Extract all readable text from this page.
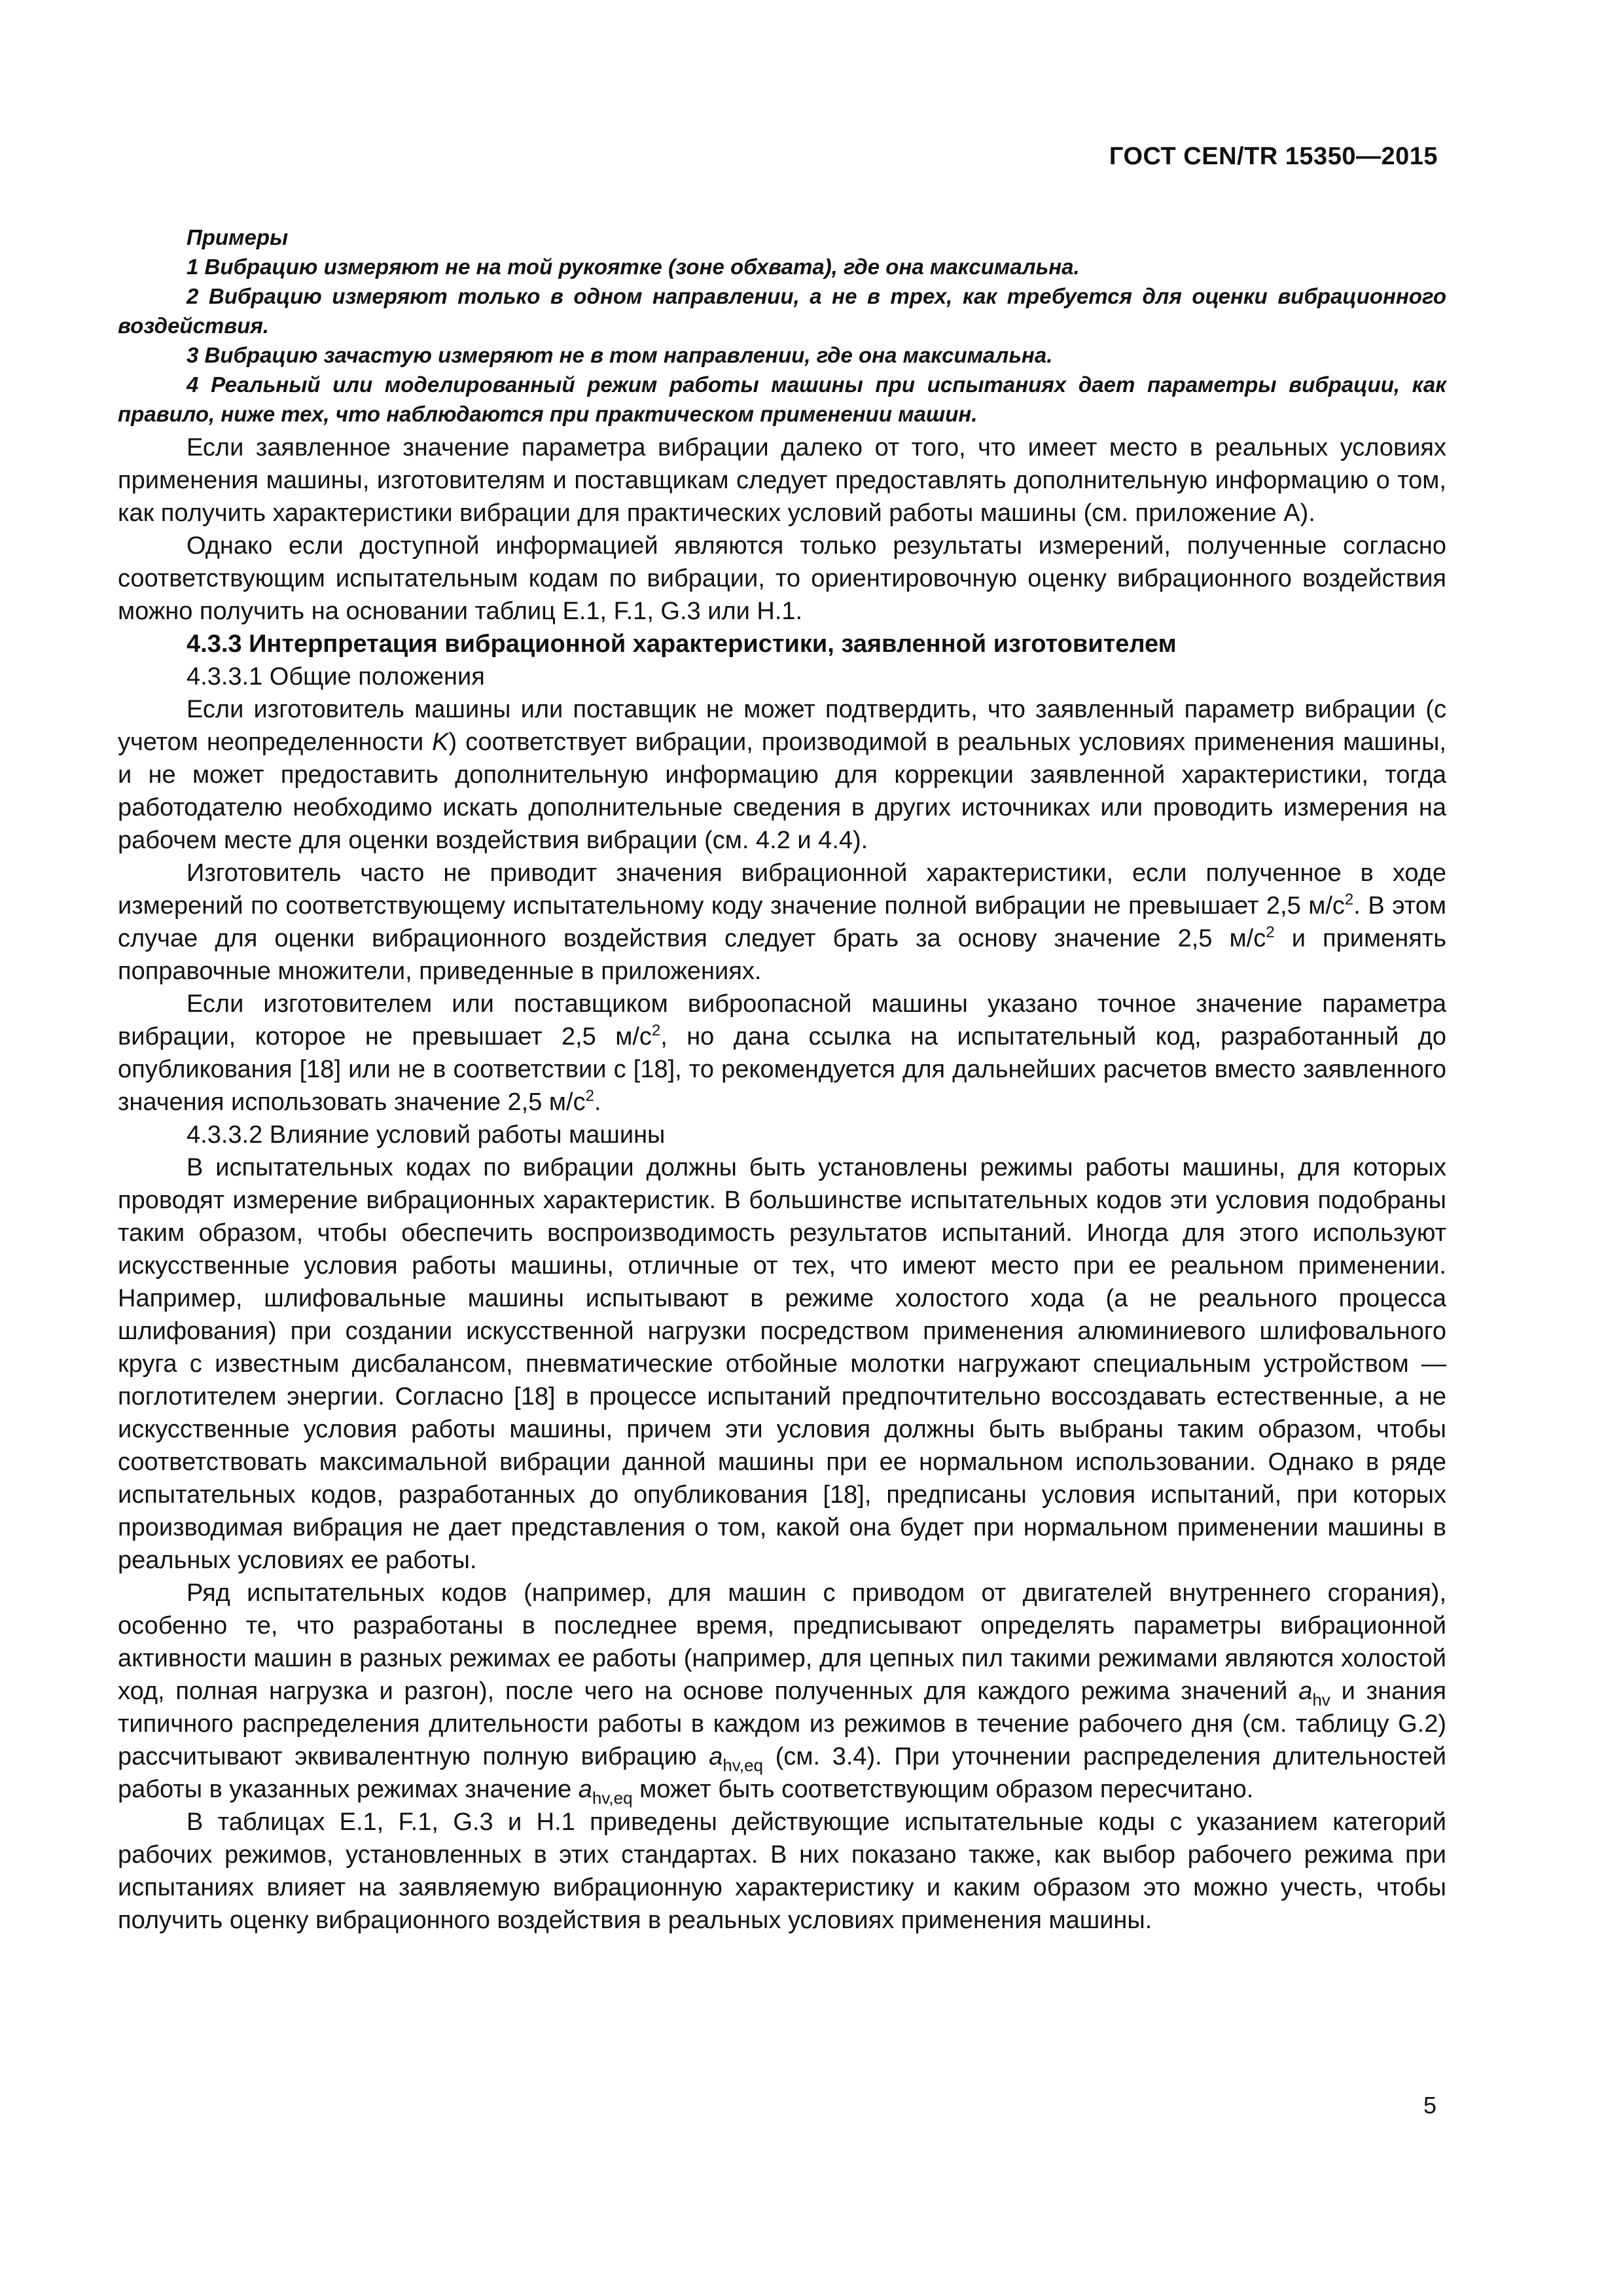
ГОСТ CEN/TR 15350—2015

Примеры

1 Вибрацию измеряют не на той рукоятке (зоне обхвата), где она максимальна.

2 Вибрацию измеряют только в одном направлении, а не в трех, как требуется для оценки вибрационного воздействия.

3 Вибрацию зачастую измеряют не в том направлении, где она максимальна.

4 Реальный или моделированный режим работы машины при испытаниях дает параметры вибрации, как правило, ниже тех, что наблюдаются при практическом применении машин.

Если заявленное значение параметра вибрации далеко от того, что имеет место в реальных условиях применения машины, изготовителям и поставщикам следует предоставлять дополнительную информацию о том, как получить характеристики вибрации для практических условий работы машины (см. приложение А).

Однако если доступной информацией являются только результаты измерений, полученные согласно соответствующим испытательным кодам по вибрации, то ориентировочную оценку вибрационного воздействия можно получить на основании таблиц Е.1, F.1, G.3 или Н.1.

4.3.3 Интерпретация вибрационной характеристики, заявленной изготовителем

4.3.3.1 Общие положения

Если изготовитель машины или поставщик не может подтвердить, что заявленный параметр вибрации (с учетом неопределенности K) соответствует вибрации, производимой в реальных условиях применения машины, и не может предоставить дополнительную информацию для коррекции заявленной характеристики, тогда работодателю необходимо искать дополнительные сведения в других источниках или проводить измерения на рабочем месте для оценки воздействия вибрации (см. 4.2 и 4.4).

Изготовитель часто не приводит значения вибрационной характеристики, если полученное в ходе измерений по соответствующему испытательному коду значение полной вибрации не превышает 2,5 $м/с^2$. В этом случае для оценки вибрационного воздействия следует брать за основу значение 2,5 $м/с^2$ и применять поправочные множители, приведенные в приложениях.

Если изготовителем или поставщиком виброопасной машины указано точное значение параметра вибрации, которое не превышает 2,5 $м/с^2$, но дана ссылка на испытательный код, разработанный до опубликования [18] или не в соответствии с [18], то рекомендуется для дальнейших расчетов вместо заявленного значения использовать значение 2,5 $м/с^2$.

4.3.3.2 Влияние условий работы машины

В испытательных кодах по вибрации должны быть установлены режимы работы машины, для которых проводят измерение вибрационных характеристик. В большинстве испытательных кодов эти условия подобраны таким образом, чтобы обеспечить воспроизводимость результатов испытаний. Иногда для этого используют искусственные условия работы машины, отличные от тех, что имеют место при ее реальном применении. Например, шлифовальные машины испытывают в режиме холостого хода (а не реального процесса шлифования) при создании искусственной нагрузки посредством применения алюминиевого шлифовального круга с известным дисбалансом, пневматические отбойные молотки нагружают специальным устройством — поглотителем энергии. Согласно [18] в процессе испытаний предпочтительно воссоздавать естественные, а не искусственные условия работы машины, причем эти условия должны быть выбраны таким образом, чтобы соответствовать максимальной вибрации данной машины при ее нормальном использовании. Однако в ряде испытательных кодов, разработанных до опубликования [18], предписаны условия испытаний, при которых производимая вибрация не дает представления о том, какой она будет при нормальном применении машины в реальных условиях ее работы.

Ряд испытательных кодов (например, для машин с приводом от двигателей внутреннего сгорания), особенно те, что разработаны в последнее время, предписывают определять параметры вибрационной активности машин в разных режимах ее работы (например, для цепных пил такими режимами являются холостой ход, полная нагрузка и разгон), после чего на основе полученных для каждого режима значений $a_{hv}$ и знания типичного распределения длительности работы в каждом из режимов в течение рабочего дня (см. таблицу G.2) рассчитывают эквивалентную полную вибрацию $a_{hv,eq}$ (см. 3.4). При уточнении распределения длительностей работы в указанных режимах значение $a_{hv,eq}$ может быть соответствующим образом пересчитано.

В таблицах Е.1, F.1, G.3 и Н.1 приведены действующие испытательные коды с указанием категорий рабочих режимов, установленных в этих стандартах. В них показано также, как выбор рабочего режима при испытаниях влияет на заявляемую вибрационную характеристику и каким образом это можно учесть, чтобы получить оценку вибрационного воздействия в реальных условиях применения машины.

5
